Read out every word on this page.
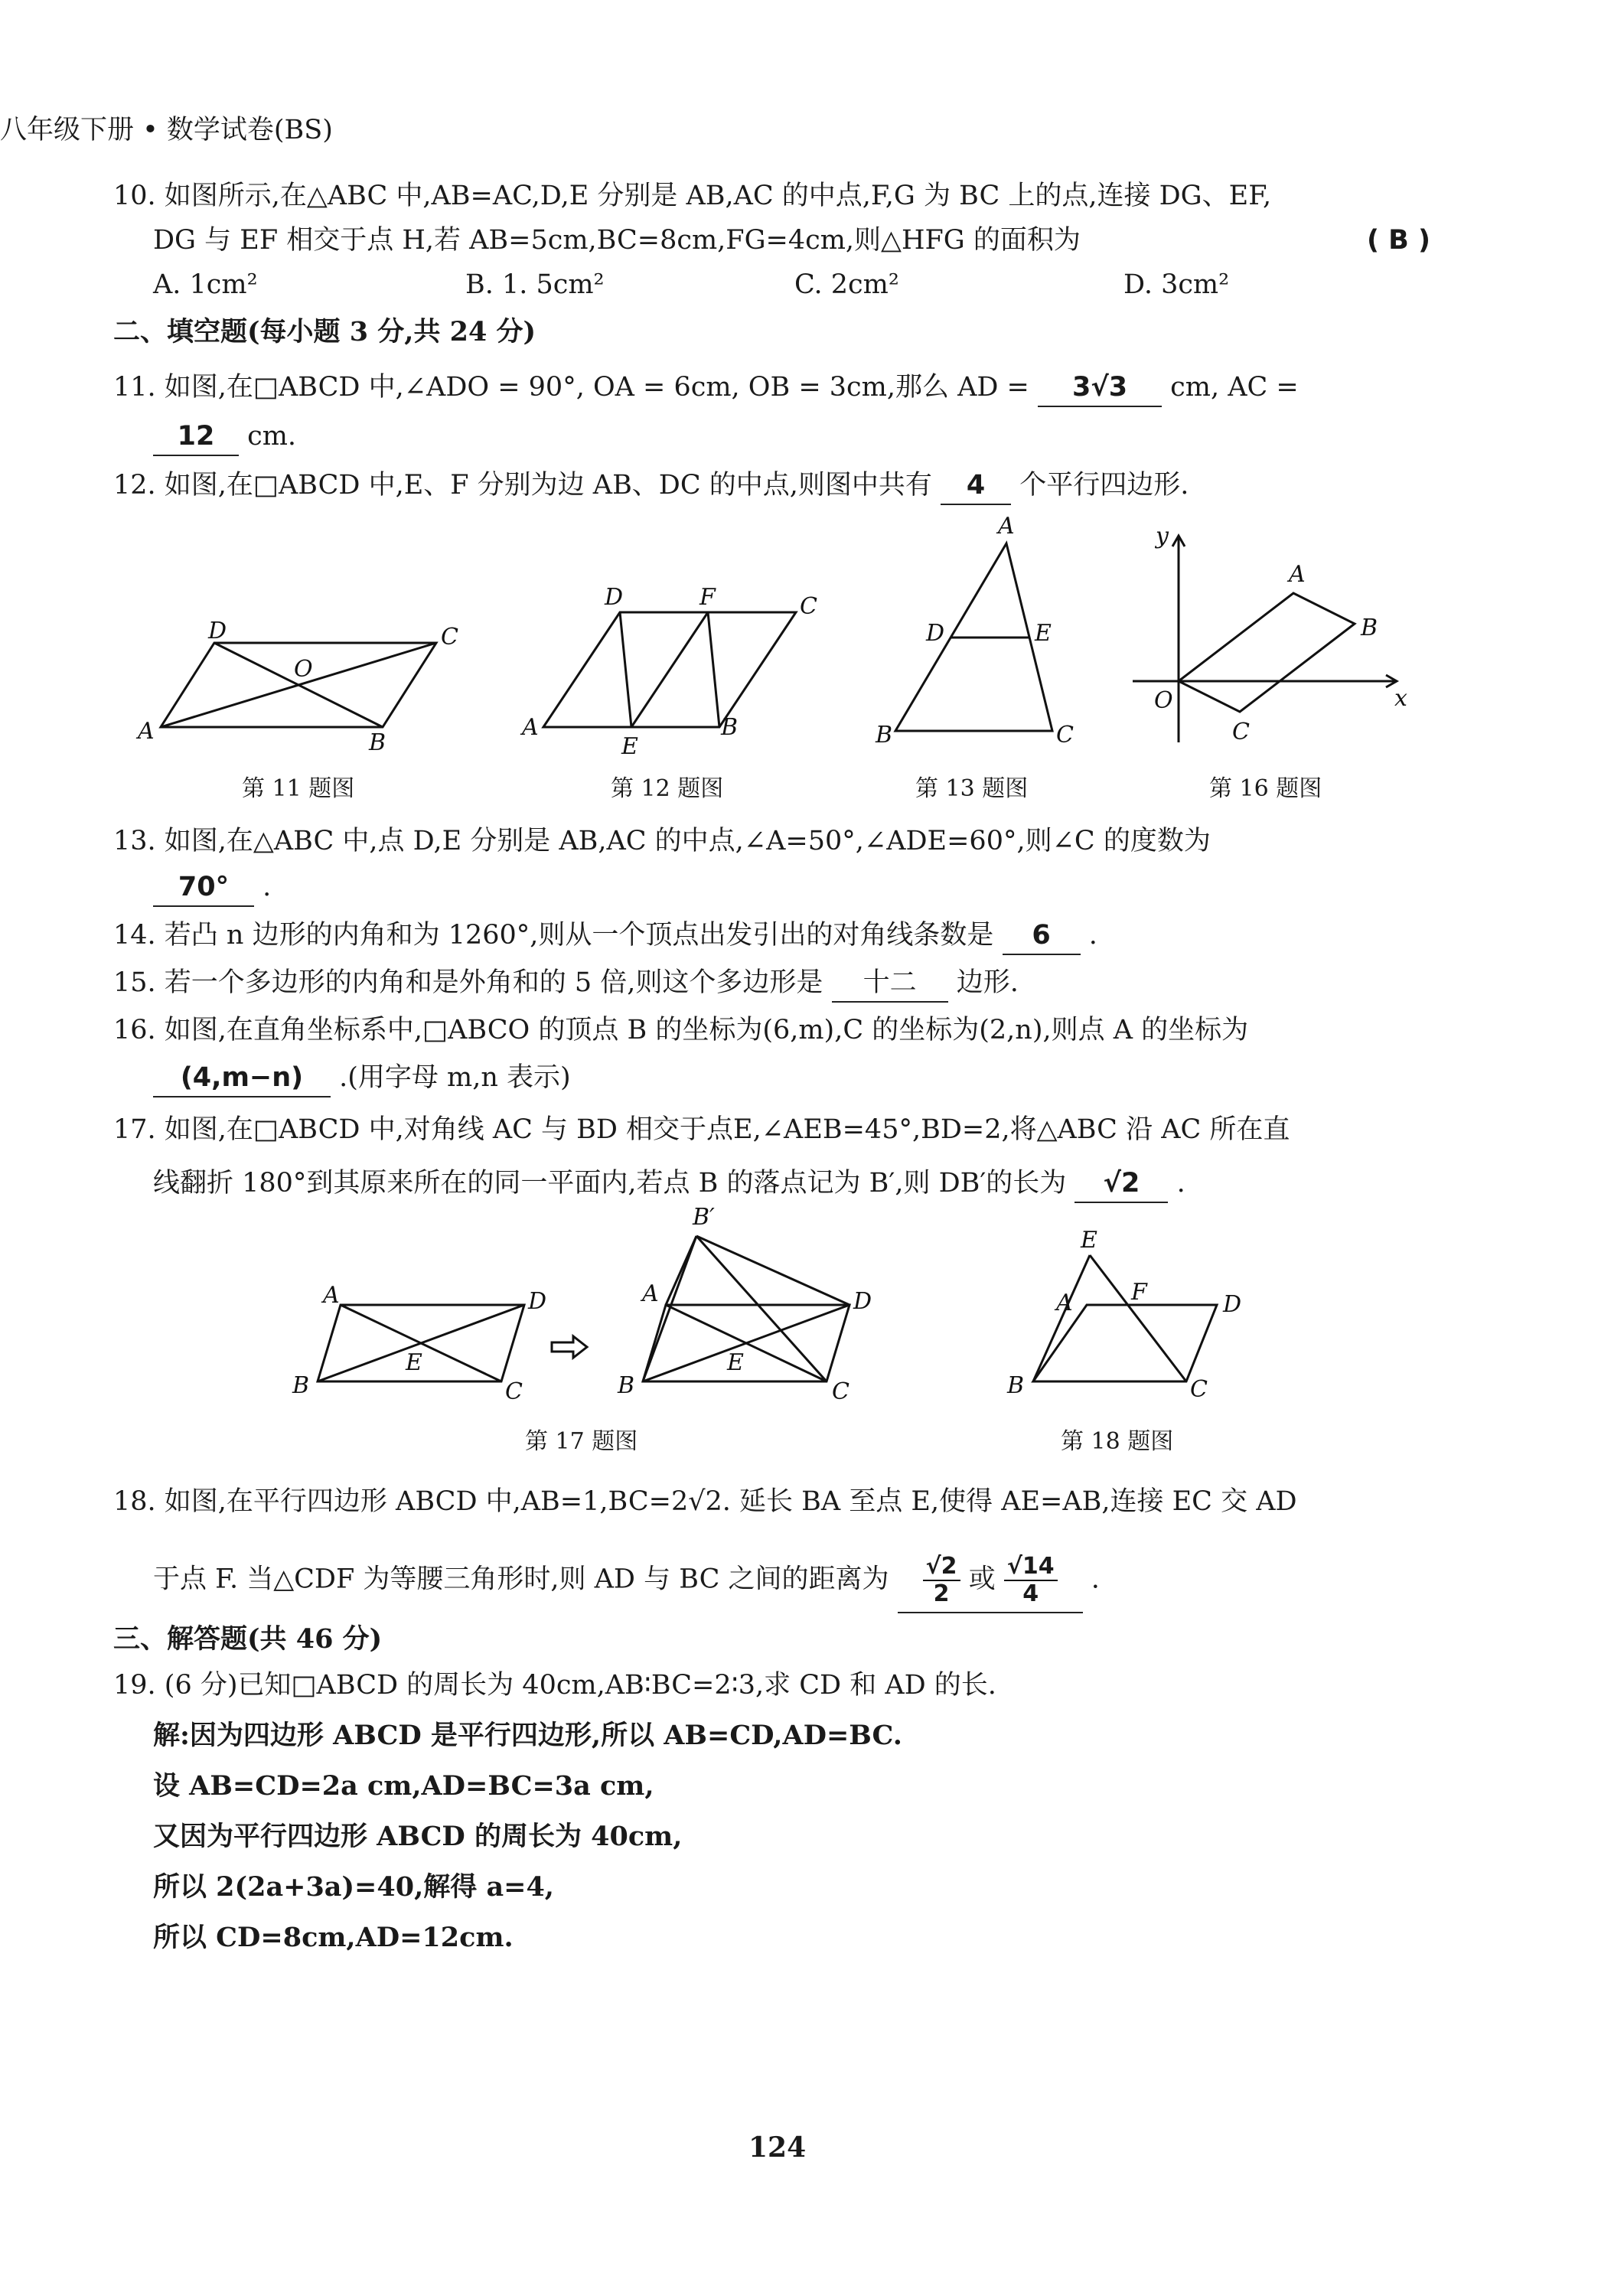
八年级下册 • 数学试卷(BS)
10. 如图所示,在△ABC 中,AB=AC,D,E 分别是 AB,AC 的中点,F,G 为 BC 上的点,连接 DG、EF,
DG 与 EF 相交于点 H,若 AB=5cm,BC=8cm,FG=4cm,则△HFG 的面积为	( B )
A. 1cm²	B. 1. 5cm²	C. 2cm²	D. 3cm²
二、填空题(每小题 3 分,共 24 分)
11. 如图,在□ABCD 中,∠ADO = 90°, OA = 6cm, OB = 3cm,那么 AD = 3√3 cm, AC =
12 cm.
12. 如图,在□ABCD 中,E、F 分别为边 AB、DC 的中点,则图中共有 4 个平行四边形.
A	B
C
D
O
第 11 题图
A	B
C
D
E
F
第 12 题图
A
B	C
D	E
第 13 题图
y
x
O
A
B
C
第 16 题图
13. 如图,在△ABC 中,点 D,E 分别是 AB,AC 的中点,∠A=50°,∠ADE=60°,则∠C 的度数为
70° .
14. 若凸 n 边形的内角和为 1260°,则从一个顶点出发引出的对角线条数是 6 .
15. 若一个多边形的内角和是外角和的 5 倍,则这个多边形是 十二 边形.
16. 如图,在直角坐标系中,□ABCO 的顶点 B 的坐标为(6,m),C 的坐标为(2,n),则点 A 的坐标为
(4,m−n) .(用字母 m,n 表示)
17. 如图,在□ABCD 中,对角线 AC 与 BD 相交于点E,∠AEB=45°,BD=2,将△ABC 沿 AC 所在直
线翻折 180°到其原来所在的同一平面内,若点 B 的落点记为 B′,则 DB′的长为 √2 .
A
B	C
D
E
B′
A
B	C
D
E
第 17 题图
E
A	F	D
B	C
第 18 题图
18. 如图,在平行四边形 ABCD 中,AB=1,BC=2√2. 延长 BA 至点 E,使得 AE=AB,连接 EC 交 AD
于点 F. 当△CDF 为等腰三角形时,则 AD 与 BC 之间的距离为 $\frac{√2}{2}$ 或 $\frac{√14}{4}$ .
三、解答题(共 46 分)
19. (6 分)已知□ABCD 的周长为 40cm,AB∶BC=2∶3,求 CD 和 AD 的长.
解:因为四边形 ABCD 是平行四边形,所以 AB=CD,AD=BC.
设 AB=CD=2a cm,AD=BC=3a cm,
又因为平行四边形 ABCD 的周长为 40cm,
所以 2(2a+3a)=40,解得 a=4,
所以 CD=8cm,AD=12cm.
124
